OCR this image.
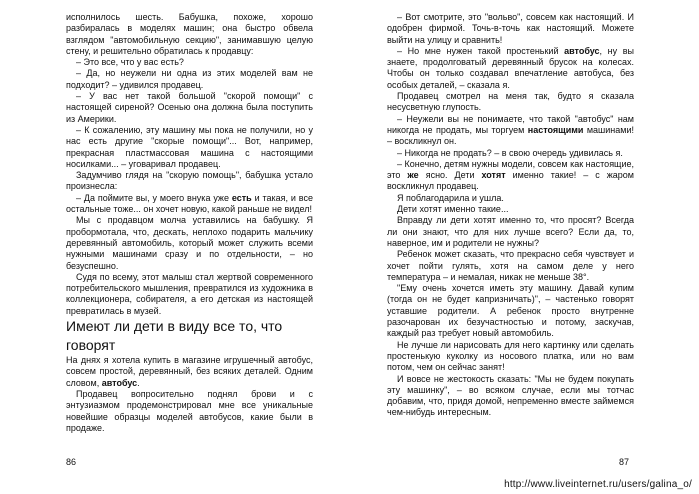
исполнилось шесть. Бабушка, похоже, хорошо разбиралась в моделях машин; она быстро обвела взглядом "автомобильную секцию", занимавшую целую стену, и решительно обратилась к продавцу:

– Это все, что у вас есть?

– Да, но неужели ни одна из этих моделей вам не подходит? – удивился продавец.

– У вас нет такой большой "скорой помощи" с настоящей сиреной? Осенью она должна была поступить из Америки.

– К сожалению, эту машину мы пока не получили, но у нас есть другие "скорые помощи"... Вот, например, прекрасная пластмассовая машина с настоящими носилками... – уговаривал продавец.

Задумчиво глядя на "скорую помощь", бабушка устало произнесла:

– Да поймите вы, у моего внука уже есть и такая, и все остальные тоже... он хочет новую, какой раньше не видел!

Мы с продавцом молча уставились на бабушку. Я пробормотала, что, дескать, неплохо подарить мальчику деревянный автомобиль, который может служить всеми нужными машинами сразу и по отдельности, – но безуспешно.

Судя по всему, этот малыш стал жертвой современного потребительского мышления, превратился из художника в коллекционера, собирателя, а его детская из настоящей превратилась в музей.

Имеют ли дети в виду все то, что говорят

На днях я хотела купить в магазине игрушечный автобус, совсем простой, деревянный, без всяких деталей. Одним словом, автобус.

Продавец вопросительно поднял брови и с энтузиазмом продемонстрировал мне все уникальные новейшие образцы моделей автобусов, какие были в продаже.

86

– Вот смотрите, это "вольво", совсем как настоящий. И одобрен фирмой. Точь-в-точь как настоящий. Можете выйти на улицу и сравнить!

– Но мне нужен такой простенький автобус, ну вы знаете, продолговатый деревянный брусок на колесах. Чтобы он только создавал впечатление автобуса, без особых деталей, – сказала я.

Продавец смотрел на меня так, будто я сказала несусветную глупость.

– Неужели вы не понимаете, что такой "автобус" нам никогда не продать, мы торгуем настоящими машинами! – воскликнул он.

– Никогда не продать? – в свою очередь удивилась я.

– Конечно, детям нужны модели, совсем как настоящие, это же ясно. Дети хотят именно такие! – с жаром воскликнул продавец.

Я поблагодарила и ушла.

Дети хотят именно такие...

Вправду ли дети хотят именно то, что просят? Всегда ли они знают, что для них лучше всего? Если да, то, наверное, им и родители не нужны?

Ребенок может сказать, что прекрасно себя чувствует и хочет пойти гулять, хотя на самом деле у него температура – и немалая, никак не меньше 38°.

"Ему очень хочется иметь эту машину. Давай купим (тогда он не будет капризничать)", – частенько говорят уставшие родители. А ребенок просто внутренне разочарован их безучастностью и потому, заскучав, каждый раз требует новый автомобиль.

Не лучше ли нарисовать для него картинку или сделать простенькую куколку из носового платка, или но вам потом, чем он сейчас занят!

И вовсе не жестокость сказать: "Мы не будем покупать эту машинку", – во всяком случае, если мы тотчас добавим, что, придя домой, непременно вместе займемся чем-нибудь интересным.

87
http://www.liveinternet.ru/users/galina_o/
